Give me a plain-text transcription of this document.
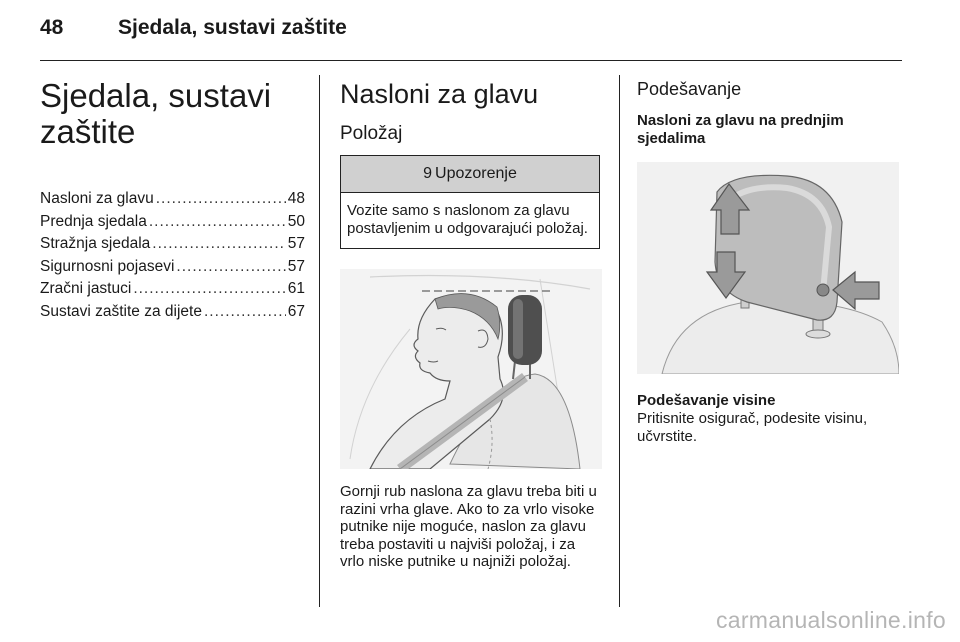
48	Sjedala, sustavi zaštite
Sjedala, sustavi
zaštite
Nasloni za glavu .....	48
Prednja sjedala .....	50
Stražnja sjedala .....	57
Sigurnosni pojasevi .....	57
Zračni jastuci .....	61
Sustavi zaštite za dijete .....	67
Nasloni za glavu
Položaj
9 Upozorenje
Vozite samo s naslonom za glavu postavljenim u odgovarajući položaj.
Gornji rub naslona za glavu treba biti u razini vrha glave. Ako to za vrlo visoke putnike nije moguće, naslon za glavu treba postaviti u najviši položaj, i za vrlo niske putnike u najniži položaj.
Podešavanje
Nasloni za glavu na prednjim sjedalima
Podešavanje visine
Pritisnite osigurač, podesite visinu, učvrstite.
carmanualsonline.info
